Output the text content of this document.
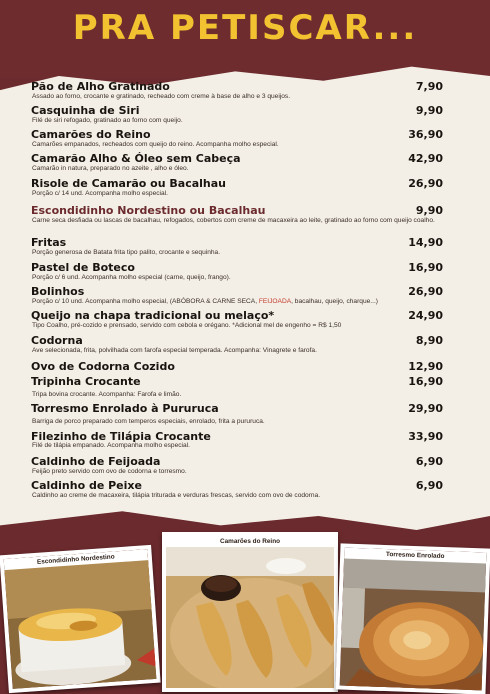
PRA PETISCAR...
Pão de Alho Gratinado	7,90
Assado ao forno, crocante e gratinado, recheado com creme à base de alho e 3 queijos.
Casquinha de Siri	9,90
Filé de siri refogado, gratinado ao forno com queijo.
Camarões do Reino	36,90
Camarões empanados, recheados com queijo do reino. Acompanha molho especial.
Camarão Alho & Óleo sem Cabeça	42,90
Camarão in natura, preparado no azeite , alho e óleo.
Risole de Camarão ou Bacalhau	26,90
Porção c/ 14 und. Acompanha molho especial.
Escondidinho Nordestino ou Bacalhau	9,90
Carne seca desfiada ou lascas de bacalhau, refogados, cobertos com creme de macaxeira ao leite, gratinado ao forno com queijo coalho.
Fritas	14,90
Porção generosa de Batata frita tipo palito, crocante e sequinha.
Pastel de Boteco	16,90
Porção c/ 6 und. Acompanha molho especial (carne, queijo, frango).
Bolinhos	26,90
Porção c/ 10 und. Acompanha molho especial, (ABÓBORA & CARNE SECA, FEIJOADA, bacalhau, queijo, charque...)
Queijo na chapa tradicional ou melaço*	24,90
Tipo Coalho, pré-cozido e prensado, servido com cebola e orégano. *Adicional mel de engenho = R$ 1,50
Codorna	8,90
Ave selecionada, frita, polvilhada com farofa especial temperada. Acompanha: Vinagrete e farofa.
Ovo de Codorna Cozido	12,90
Tripinha Crocante	16,90
Tripa bovina crocante. Acompanha: Farofa e limão.
Torresmo Enrolado à Pururuca	29,90
Barriga de porco preparado com temperos especiais, enrolado, frita a pururuca.
Filezinho de Tilápia Crocante	33,90
Filé de tilápia empanado. Acompanha molho especial.
Caldinho de Feijoada	6,90
Feijão preto servido com ovo de codorna e torresmo.
Caldinho de Peixe	6,90
Caldinho ao creme de macaxeira, tilápia triturada e verduras frescas, servido com ovo de codorna.
Escondidinho Nordestino
Camarões do Reino
Torresmo Enrolado
